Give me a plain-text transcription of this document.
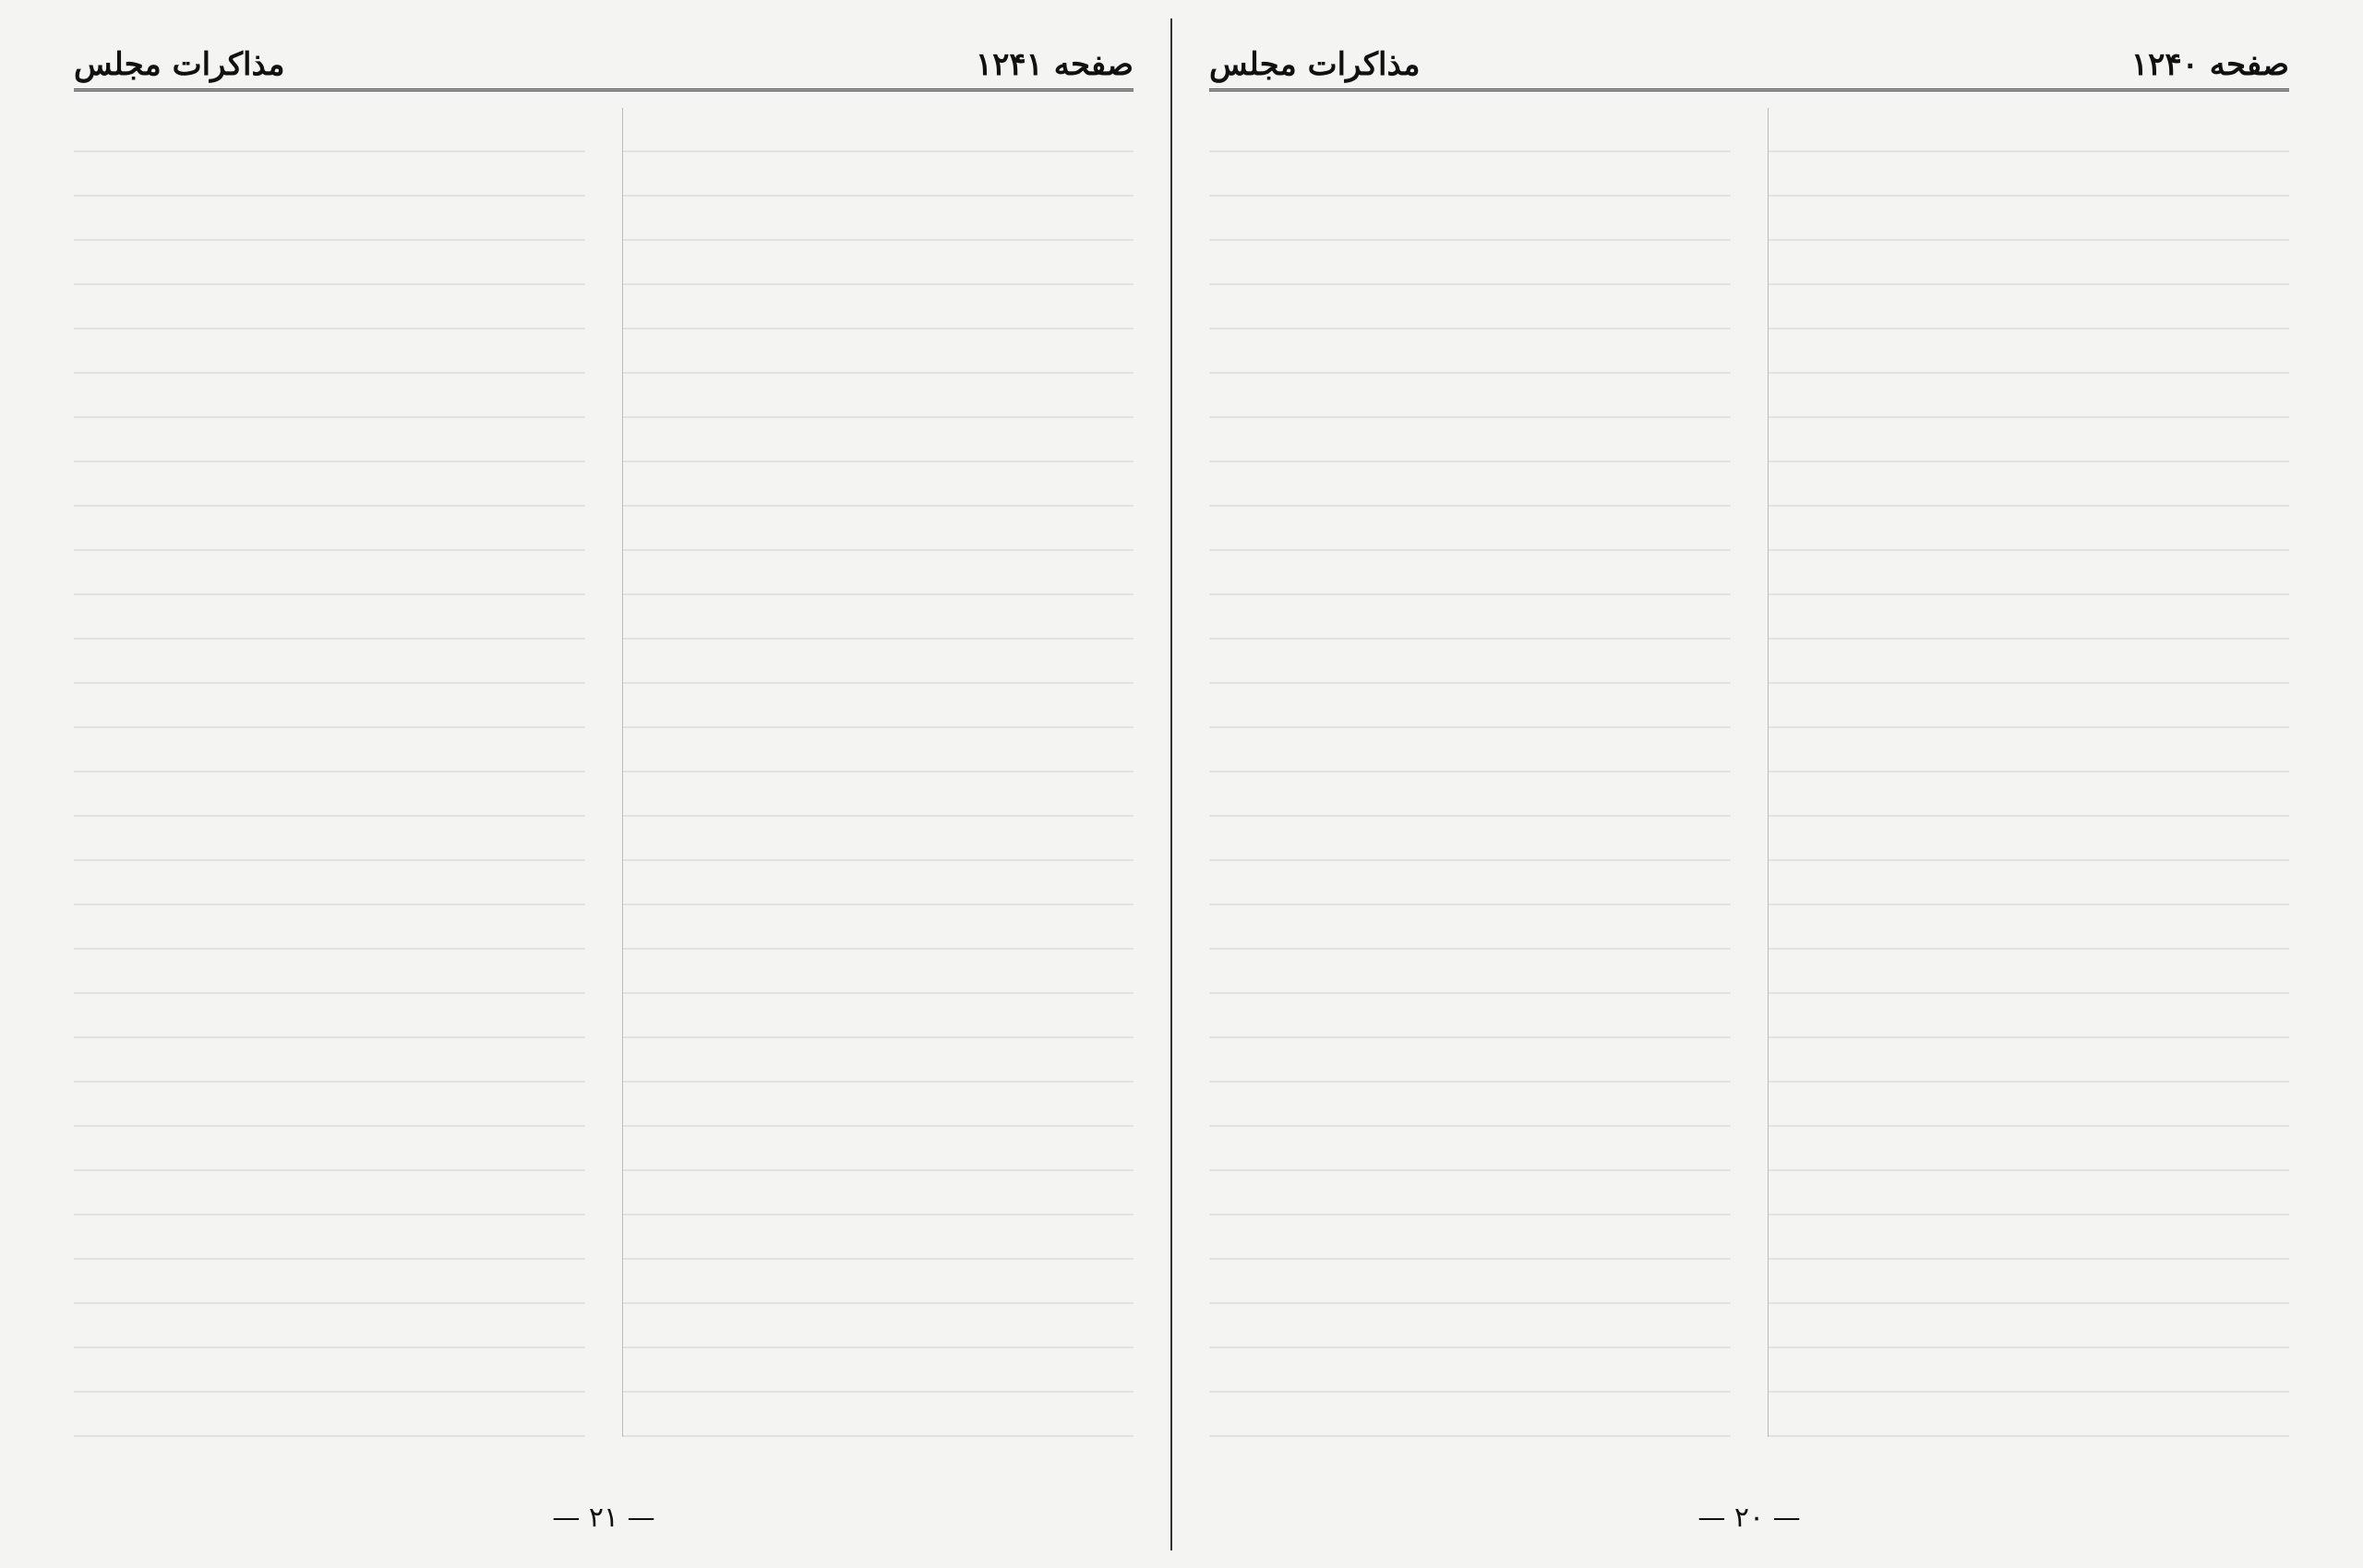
صفحه ۱۲۴۱
مذاکرات مجلس
— ۲۱ —
صفحه ۱۲۴۰
مذاکرات مجلس
— ۲۰ —
